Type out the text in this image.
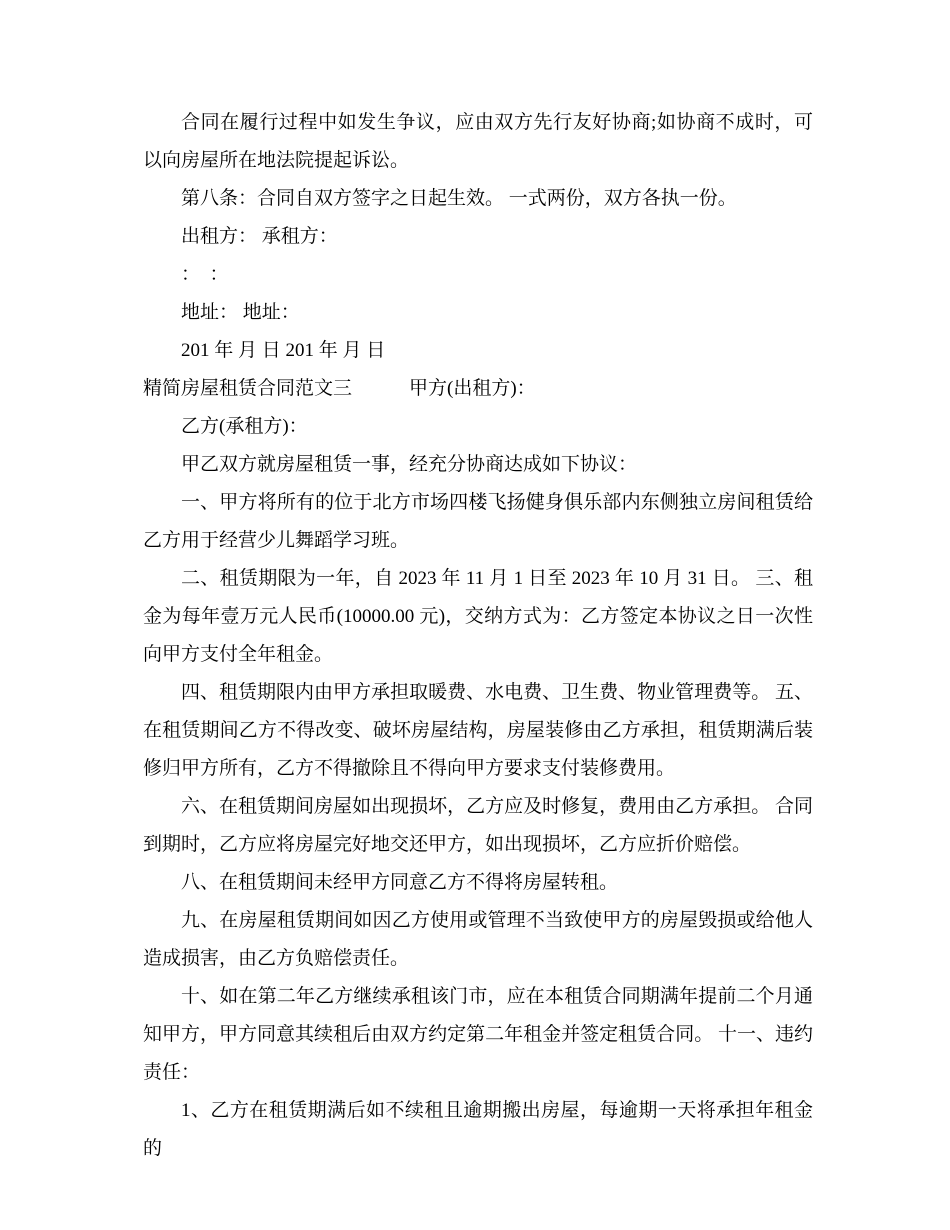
合同在履行过程中如发生争议，应由双方先行友好协商;如协商不成时，可以向房屋所在地法院提起诉讼。

第八条：合同自双方签字之日起生效。 一式两份，双方各执一份。

出租方： 承租方：

：　：

地址： 地址：

201 年 月 日 201 年 月 日

精简房屋租赁合同范文三　　　甲方(出租方)：

乙方(承租方)：

甲乙双方就房屋租赁一事，经充分协商达成如下协议：

一、甲方将所有的位于北方市场四楼飞扬健身俱乐部内东侧独立房间租赁给乙方用于经营少儿舞蹈学习班。

二、租赁期限为一年，自 2023 年 11 月 1 日至 2023 年 10 月 31 日。 三、租金为每年壹万元人民币(10000.00 元)，交纳方式为：乙方签定本协议之日一次性向甲方支付全年租金。

四、租赁期限内由甲方承担取暖费、水电费、卫生费、物业管理费等。 五、在租赁期间乙方不得改变、破坏房屋结构，房屋装修由乙方承担，租赁期满后装修归甲方所有，乙方不得撤除且不得向甲方要求支付装修费用。

六、在租赁期间房屋如出现损坏，乙方应及时修复，费用由乙方承担。 合同到期时，乙方应将房屋完好地交还甲方，如出现损坏，乙方应折价赔偿。

八、在租赁期间未经甲方同意乙方不得将房屋转租。

九、在房屋租赁期间如因乙方使用或管理不当致使甲方的房屋毁损或给他人造成损害，由乙方负赔偿责任。

十、如在第二年乙方继续承租该门市，应在本租赁合同期满年提前二个月通知甲方，甲方同意其续租后由双方约定第二年租金并签定租赁合同。 十一、违约责任：

1、乙方在租赁期满后如不续租且逾期搬出房屋，每逾期一天将承担年租金的
